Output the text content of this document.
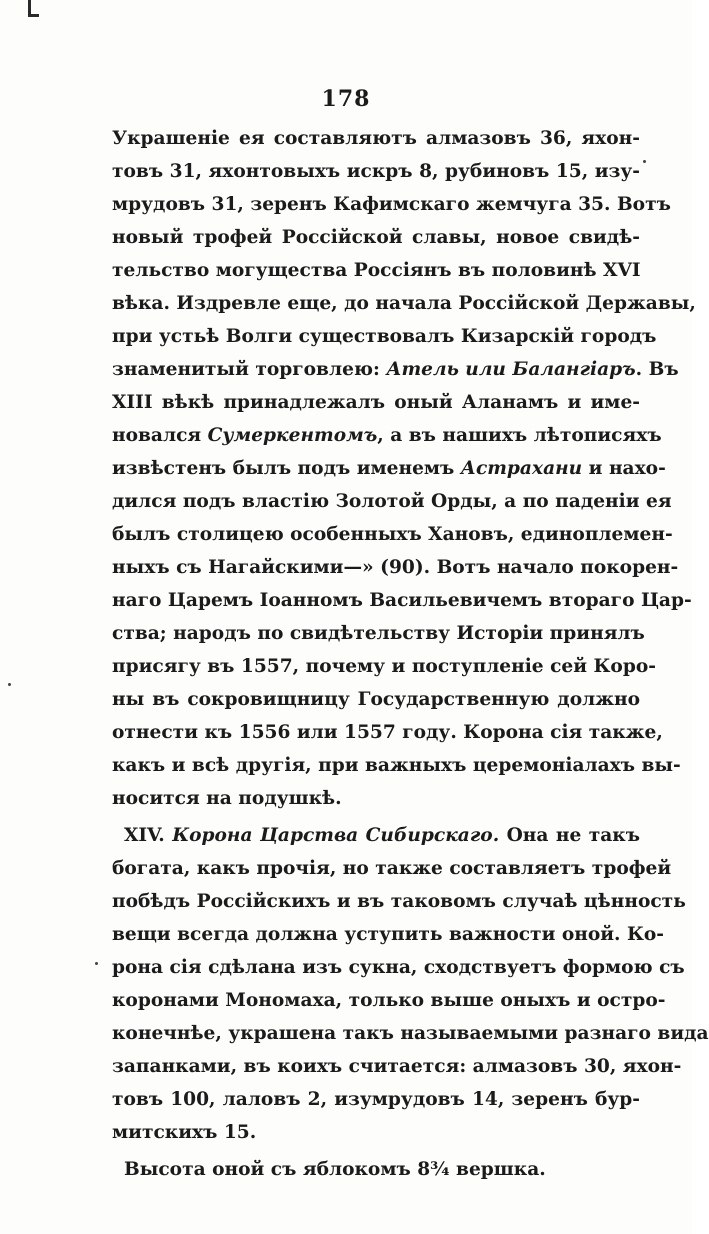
178
Украшеніе ея составляютъ алмазовъ 36, яхон-
товъ 31, яхонтовыхъ искръ 8, рубиновъ 15, изу-
мрудовъ 31, зеренъ Кафимскаго жемчуга 35. Вотъ
новый трофей Россійской славы, новое свидѣ-
тельство могущества Россіянъ въ половинѣ XVI
вѣка. Издревле еще, до начала Россійской Державы,
при устьѣ Волги существовалъ Кизарскій городъ
знаменитый торговлею: Атель или Балангіаръ. Въ
XIII вѣкѣ принадлежалъ оный Аланамъ и име-
новался Сумеркентомъ, а въ нашихъ лѣтописяхъ
извѣстенъ былъ подъ именемъ Астрахани и нахо-
дился подъ властію Золотой Орды, а по паденіи ея
былъ столицею особенныхъ Хановъ, единоплемен-
ныхъ съ Нагайскими—» (90). Вотъ начало покорен-
наго Царемъ Іоанномъ Васильевичемъ втораго Цар-
ства; народъ по свидѣтельству Исторіи принялъ
присягу въ 1557, почему и поступленіе сей Коро-
ны въ сокровищницу Государственную должно
отнести къ 1556 или 1557 году. Корона сія также,
какъ и всѣ другія, при важныхъ церемоніалахъ вы-
носится на подушкѣ.
XIV. Корона Царства Сибирскаго. Она не такъ
богата, какъ прочія, но также составляетъ трофей
побѣдъ Россійскихъ и въ таковомъ случаѣ цѣнность
вещи всегда должна уступить важности оной. Ко-
рона сія сдѣлана изъ сукна, сходствуетъ формою съ
коронами Мономаха, только выше оныхъ и остро-
конечнѣе, украшена такъ называемыми разнаго вида
запанками, въ коихъ считается: алмазовъ 30, яхон-
товъ 100, лаловъ 2, изумрудовъ 14, зеренъ бур-
митскихъ 15.
Высота оной съ яблокомъ 8¾ вершка.
